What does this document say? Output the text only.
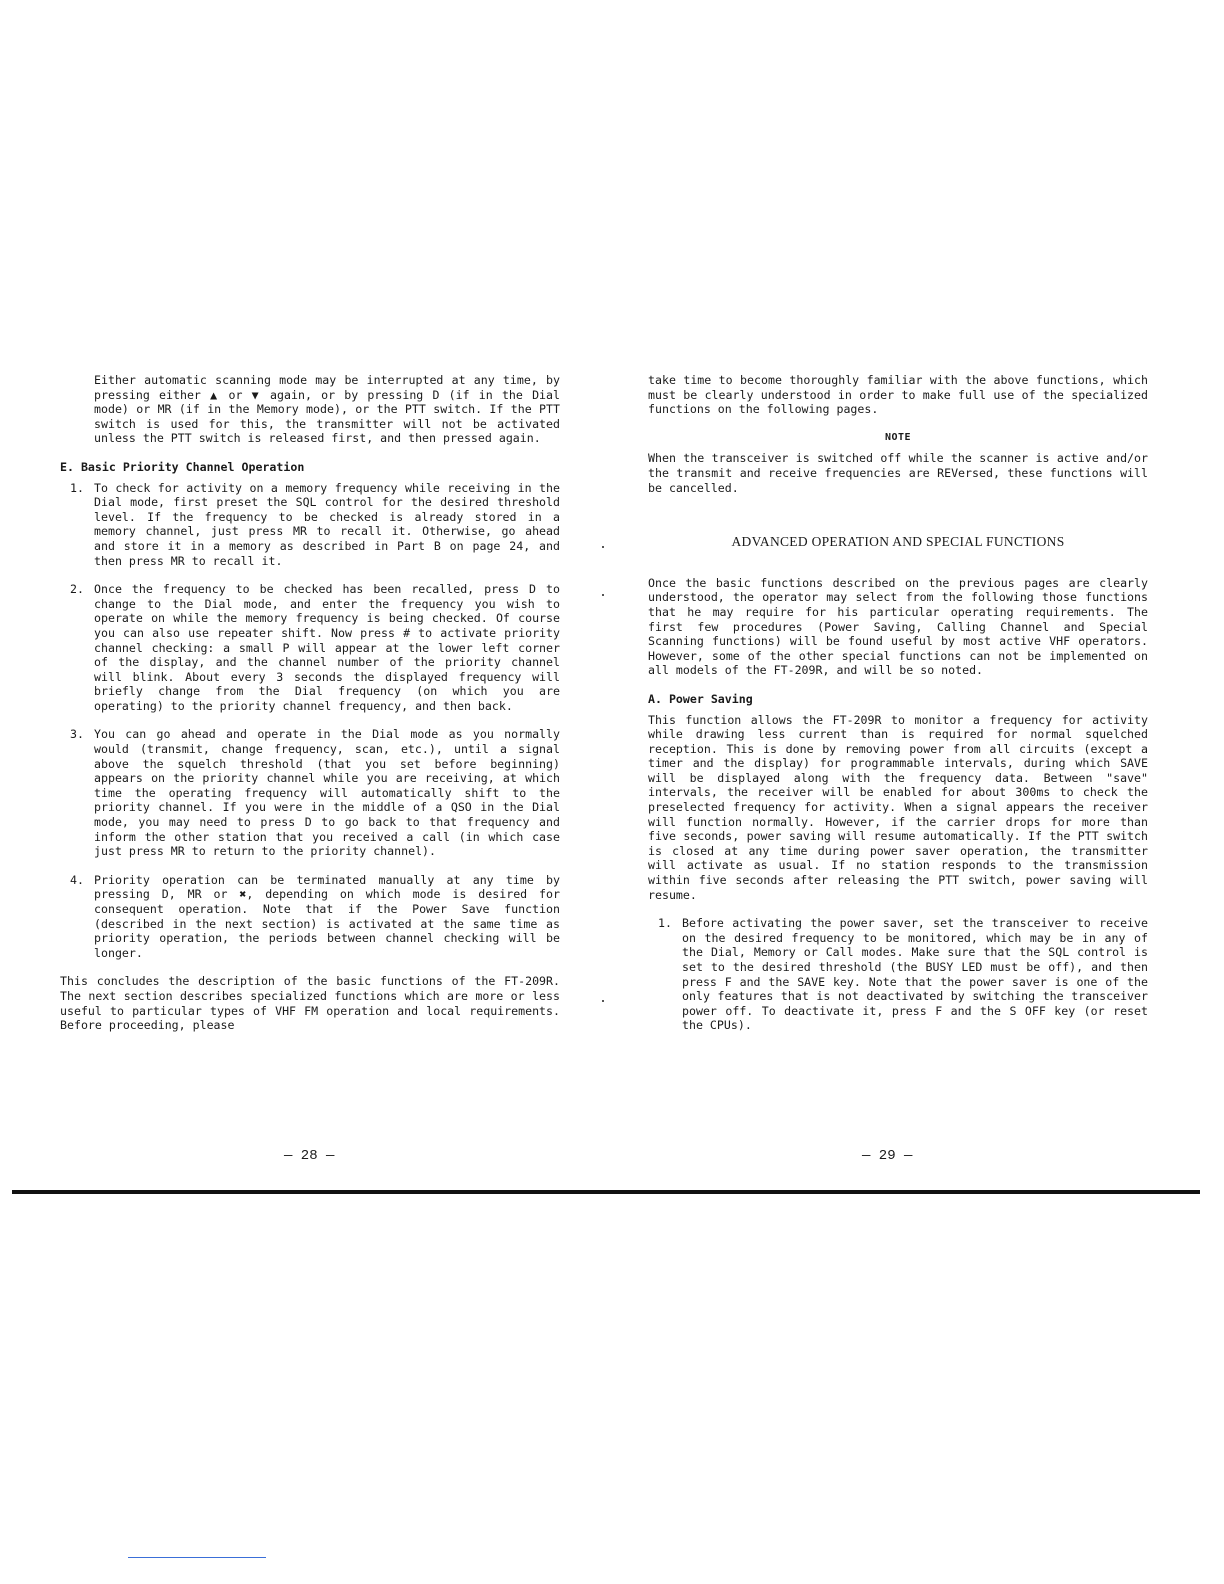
Either automatic scanning mode may be interrupted at any time, by pressing either ▲ or ▼ again, or by pressing D (if in the Dial mode) or MR (if in the Memory mode), or the PTT switch. If the PTT switch is used for this, the transmitter will not be activated unless the PTT switch is released first, and then pressed again.

E. Basic Priority Channel Operation

1. To check for activity on a memory frequency while receiving in the Dial mode, first preset the SQL control for the desired threshold level. If the frequency to be checked is already stored in a memory channel, just press MR to recall it. Otherwise, go ahead and store it in a memory as described in Part B on page 24, and then press MR to recall it.
2. Once the frequency to be checked has been recalled, press D to change to the Dial mode, and enter the frequency you wish to operate on while the memory frequency is being checked. Of course you can also use repeater shift. Now press # to activate priority channel checking: a small P will appear at the lower left corner of the display, and the channel number of the priority channel will blink. About every 3 seconds the displayed frequency will briefly change from the Dial frequency (on which you are operating) to the priority channel frequency, and then back.
3. You can go ahead and operate in the Dial mode as you normally would (transmit, change frequency, scan, etc.), until a signal above the squelch threshold (that you set before beginning) appears on the priority channel while you are receiving, at which time the operating frequency will automatically shift to the priority channel. If you were in the middle of a QSO in the Dial mode, you may need to press D to go back to that frequency and inform the other station that you received a call (in which case just press MR to return to the priority channel).
4. Priority operation can be terminated manually at any time by pressing D, MR or ✖, depending on which mode is desired for consequent operation. Note that if the Power Save function (described in the next section) is activated at the same time as priority operation, the periods between channel checking will be longer.

This concludes the description of the basic functions of the FT-209R. The next section describes specialized functions which are more or less useful to particular types of VHF FM operation and local requirements. Before proceeding, please

— 28 —

take time to become thoroughly familiar with the above functions, which must be clearly understood in order to make full use of the specialized functions on the following pages.

NOTE

When the transceiver is switched off while the scanner is active and/or the transmit and receive frequencies are REVersed, these functions will be cancelled.

ADVANCED OPERATION AND SPECIAL FUNCTIONS

Once the basic functions described on the previous pages are clearly understood, the operator may select from the following those functions that he may require for his particular operating requirements. The first few procedures (Power Saving, Calling Channel and Special Scanning functions) will be found useful by most active VHF operators. However, some of the other special functions can not be implemented on all models of the FT-209R, and will be so noted.

A. Power Saving

This function allows the FT-209R to monitor a frequency for activity while drawing less current than is required for normal squelched reception. This is done by removing power from all circuits (except a timer and the display) for programmable intervals, during which SAVE will be displayed along with the frequency data. Between "save" intervals, the receiver will be enabled for about 300ms to check the preselected frequency for activity. When a signal appears the receiver will function normally. However, if the carrier drops for more than five seconds, power saving will resume automatically. If the PTT switch is closed at any time during power saver operation, the transmitter will activate as usual. If no station responds to the transmission within five seconds after releasing the PTT switch, power saving will resume.

1. Before activating the power saver, set the transceiver to receive on the desired frequency to be monitored, which may be in any of the Dial, Memory or Call modes. Make sure that the SQL control is set to the desired threshold (the BUSY LED must be off), and then press F and the SAVE key. Note that the power saver is one of the only features that is not deactivated by switching the transceiver power off. To deactivate it, press F and the S OFF key (or reset the CPUs).
— 29 —
